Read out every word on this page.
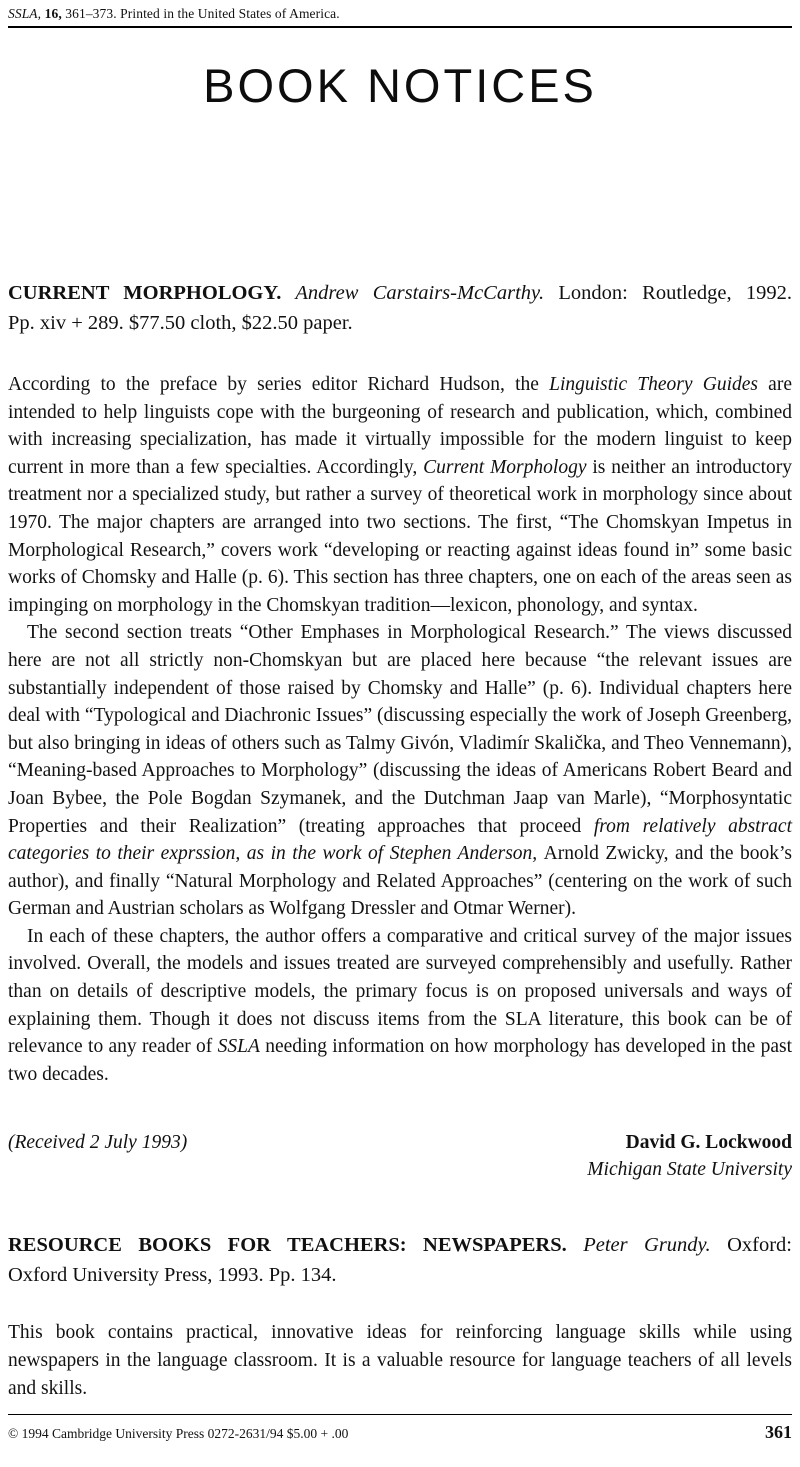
SSLA, 16, 361–373. Printed in the United States of America.
BOOK NOTICES
CURRENT MORPHOLOGY. Andrew Carstairs-McCarthy. London: Routledge, 1992.
Pp. xiv + 289. $77.50 cloth, $22.50 paper.

According to the preface by series editor Richard Hudson, the Linguistic Theory Guides are intended to help linguists cope with the burgeoning of research and publication, which, combined with increasing specialization, has made it virtually impossible for the modern linguist to keep current in more than a few specialties. Accordingly, Current Morphology is neither an introductory treatment nor a specialized study, but rather a survey of theoretical work in morphology since about 1970. The major chapters are arranged into two sections. The first, “The Chomskyan Impetus in Morphological Research,” covers work “developing or reacting against ideas found in” some basic works of Chomsky and Halle (p. 6). This section has three chapters, one on each of the areas seen as impinging on morphology in the Chomskyan tradition—lexicon, phonology, and syntax.

The second section treats “Other Emphases in Morphological Research.” The views discussed here are not all strictly non-Chomskyan but are placed here because “the relevant issues are substantially independent of those raised by Chomsky and Halle” (p. 6). Individual chapters here deal with “Typological and Diachronic Issues” (discussing especially the work of Joseph Greenberg, but also bringing in ideas of others such as Talmy Givón, Vladimír Skalička, and Theo Vennemann), “Meaning-based Approaches to Morphology” (discussing the ideas of Americans Robert Beard and Joan Bybee, the Pole Bogdan Szymanek, and the Dutchman Jaap van Marle), “Morphosyntatic Properties and their Realization” (treating approaches that proceed from relatively abstract categories to their exprssion, as in the work of Stephen Anderson, Arnold Zwicky, and the book’s author), and finally “Natural Morphology and Related Approaches” (centering on the work of such German and Austrian scholars as Wolfgang Dressler and Otmar Werner).

In each of these chapters, the author offers a comparative and critical survey of the major issues involved. Overall, the models and issues treated are surveyed comprehensibly and usefully. Rather than on details of descriptive models, the primary focus is on proposed universals and ways of explaining them. Though it does not discuss items from the SLA literature, this book can be of relevance to any reader of SSLA needing information on how morphology has developed in the past two decades.

(Received 2 July 1993)	David G. Lockwood
Michigan State University
RESOURCE BOOKS FOR TEACHERS: NEWSPAPERS. Peter Grundy. Oxford:
Oxford University Press, 1993. Pp. 134.

This book contains practical, innovative ideas for reinforcing language skills while using newspapers in the language classroom. It is a valuable resource for language teachers of all levels and skills.

© 1994 Cambridge University Press 0272-2631/94 $5.00 + .00	361
